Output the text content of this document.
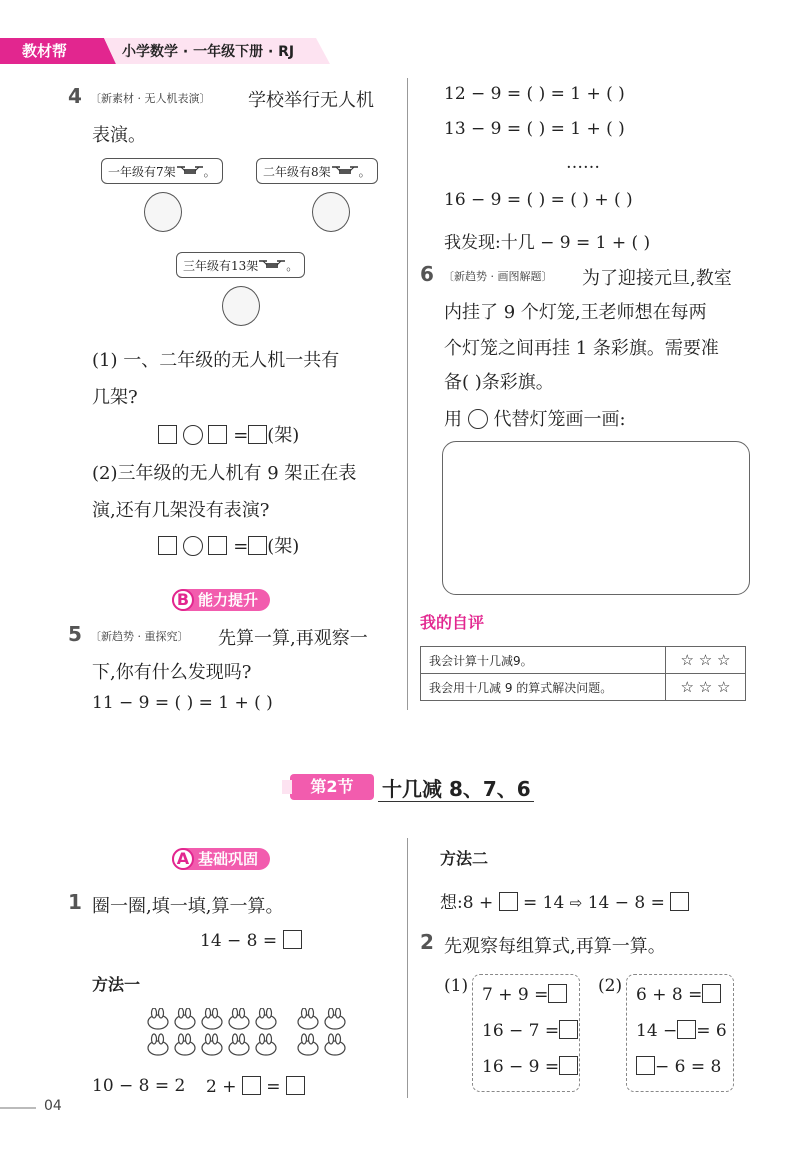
教材帮	小学数学 · 一年级下册 · RJ
4 〔新素材 · 无人机表演〕 学校举行无人机
表演。
一年级有7架 。	二年级有8架 。
三年级有13架 。
(1) 一、二年级的无人机一共有
几架?
= (架)
(2)三年级的无人机有 9 架正在表
演,还有几架没有表演?
= (架)
B 能力提升
5 〔新趋势 · 重探究〕 先算一算,再观察一
下,你有什么发现吗?
11 − 9 = ( ) = 1 + ( )
12 − 9 = ( ) = 1 + ( )
13 − 9 = ( ) = 1 + ( )
……
16 − 9 = ( ) = ( ) + ( )
我发现:十几 − 9 = 1 + ( )
6 〔新趋势 · 画图解题〕 为了迎接元旦,教室
内挂了 9 个灯笼,王老师想在每两
个灯笼之间再挂 1 条彩旗。需要准
备( )条彩旗。
用 代替灯笼画一画:
我的自评
我会计算十几减9。	☆ ☆ ☆
我会用十几减 9 的算式解决问题。	☆ ☆ ☆
第2节	十几减 8、7、6
A 基础巩固
1 圈一圈,填一填,算一算。
14 − 8 =
方法一
10 − 8 = 2 2 + =
方法二
想:8 + = 14 ⇨ 14 − 8 =
2 先观察每组算式,再算一算。
(1) 7 + 9 =
16 − 7 =
16 − 9 =
(2) 6 + 8 =
14 − = 6
− 6 = 8
04
